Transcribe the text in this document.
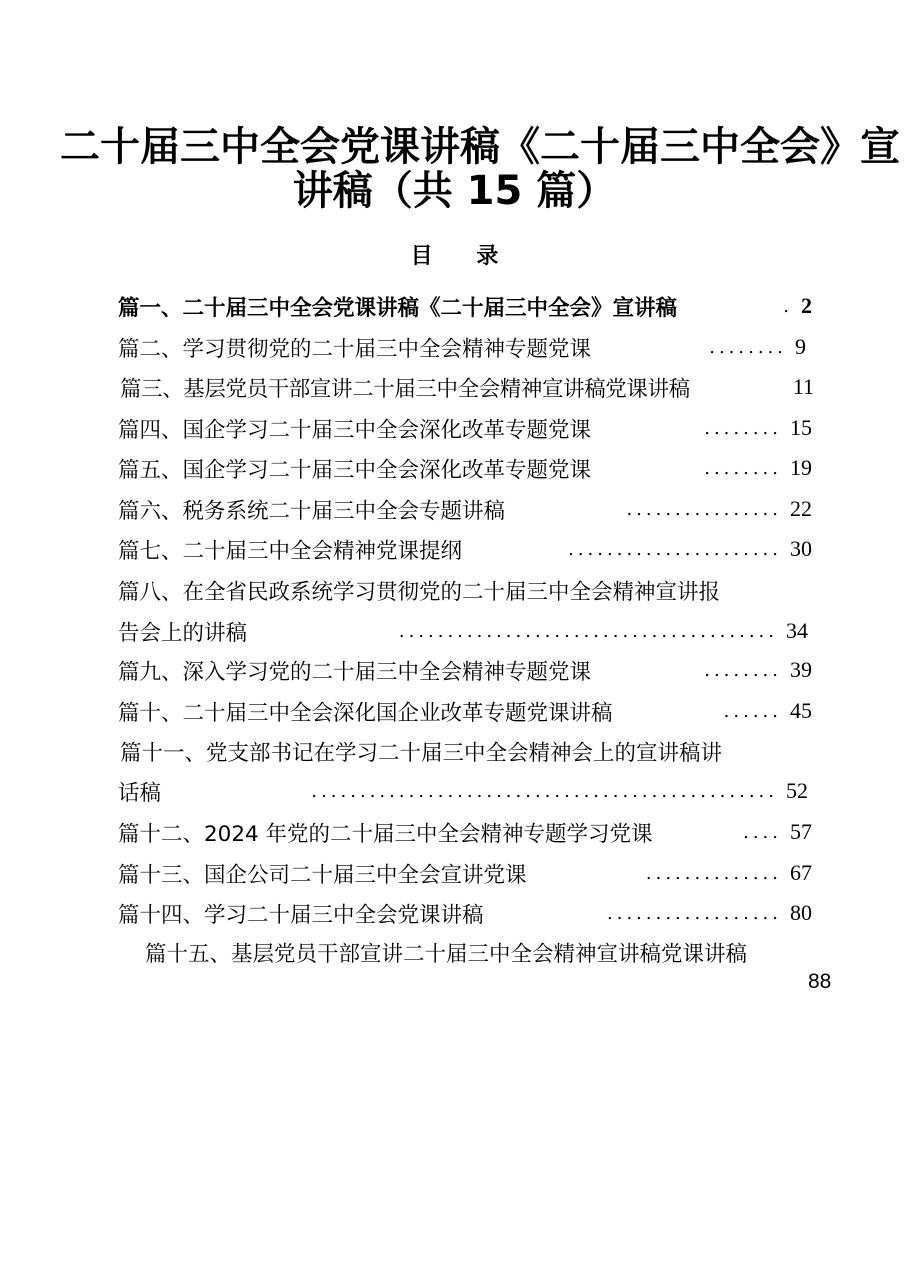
二十届三中全会党课讲稿《二十届三中全会》宣
讲稿（共 15 篇）
目 录
篇一、二十届三中全会党课讲稿《二十届三中全会》宣讲稿	. 2
篇二、学习贯彻党的二十届三中全会精神专题党课	........ 9
篇三、基层党员干部宣讲二十届三中全会精神宣讲稿党课讲稿	11
篇四、国企学习二十届三中全会深化改革专题党课	........ 15
篇五、国企学习二十届三中全会深化改革专题党课	........ 19
篇六、税务系统二十届三中全会专题讲稿	................ 22
篇七、二十届三中全会精神党课提纲	...................... 30
篇八、在全省民政系统学习贯彻党的二十届三中全会精神宣讲报
告会上的讲稿	....................................... 34
篇九、深入学习党的二十届三中全会精神专题党课	........ 39
篇十、二十届三中全会深化国企业改革专题党课讲稿	...... 45
篇十一、党支部书记在学习二十届三中全会精神会上的宣讲稿讲
话稿	................................................ 52
篇十二、2024 年党的二十届三中全会精神专题学习党课	.... 57
篇十三、国企公司二十届三中全会宣讲党课	.............. 67
篇十四、学习二十届三中全会党课讲稿	.................. 80
篇十五、基层党员干部宣讲二十届三中全会精神宣讲稿党课讲稿
88
